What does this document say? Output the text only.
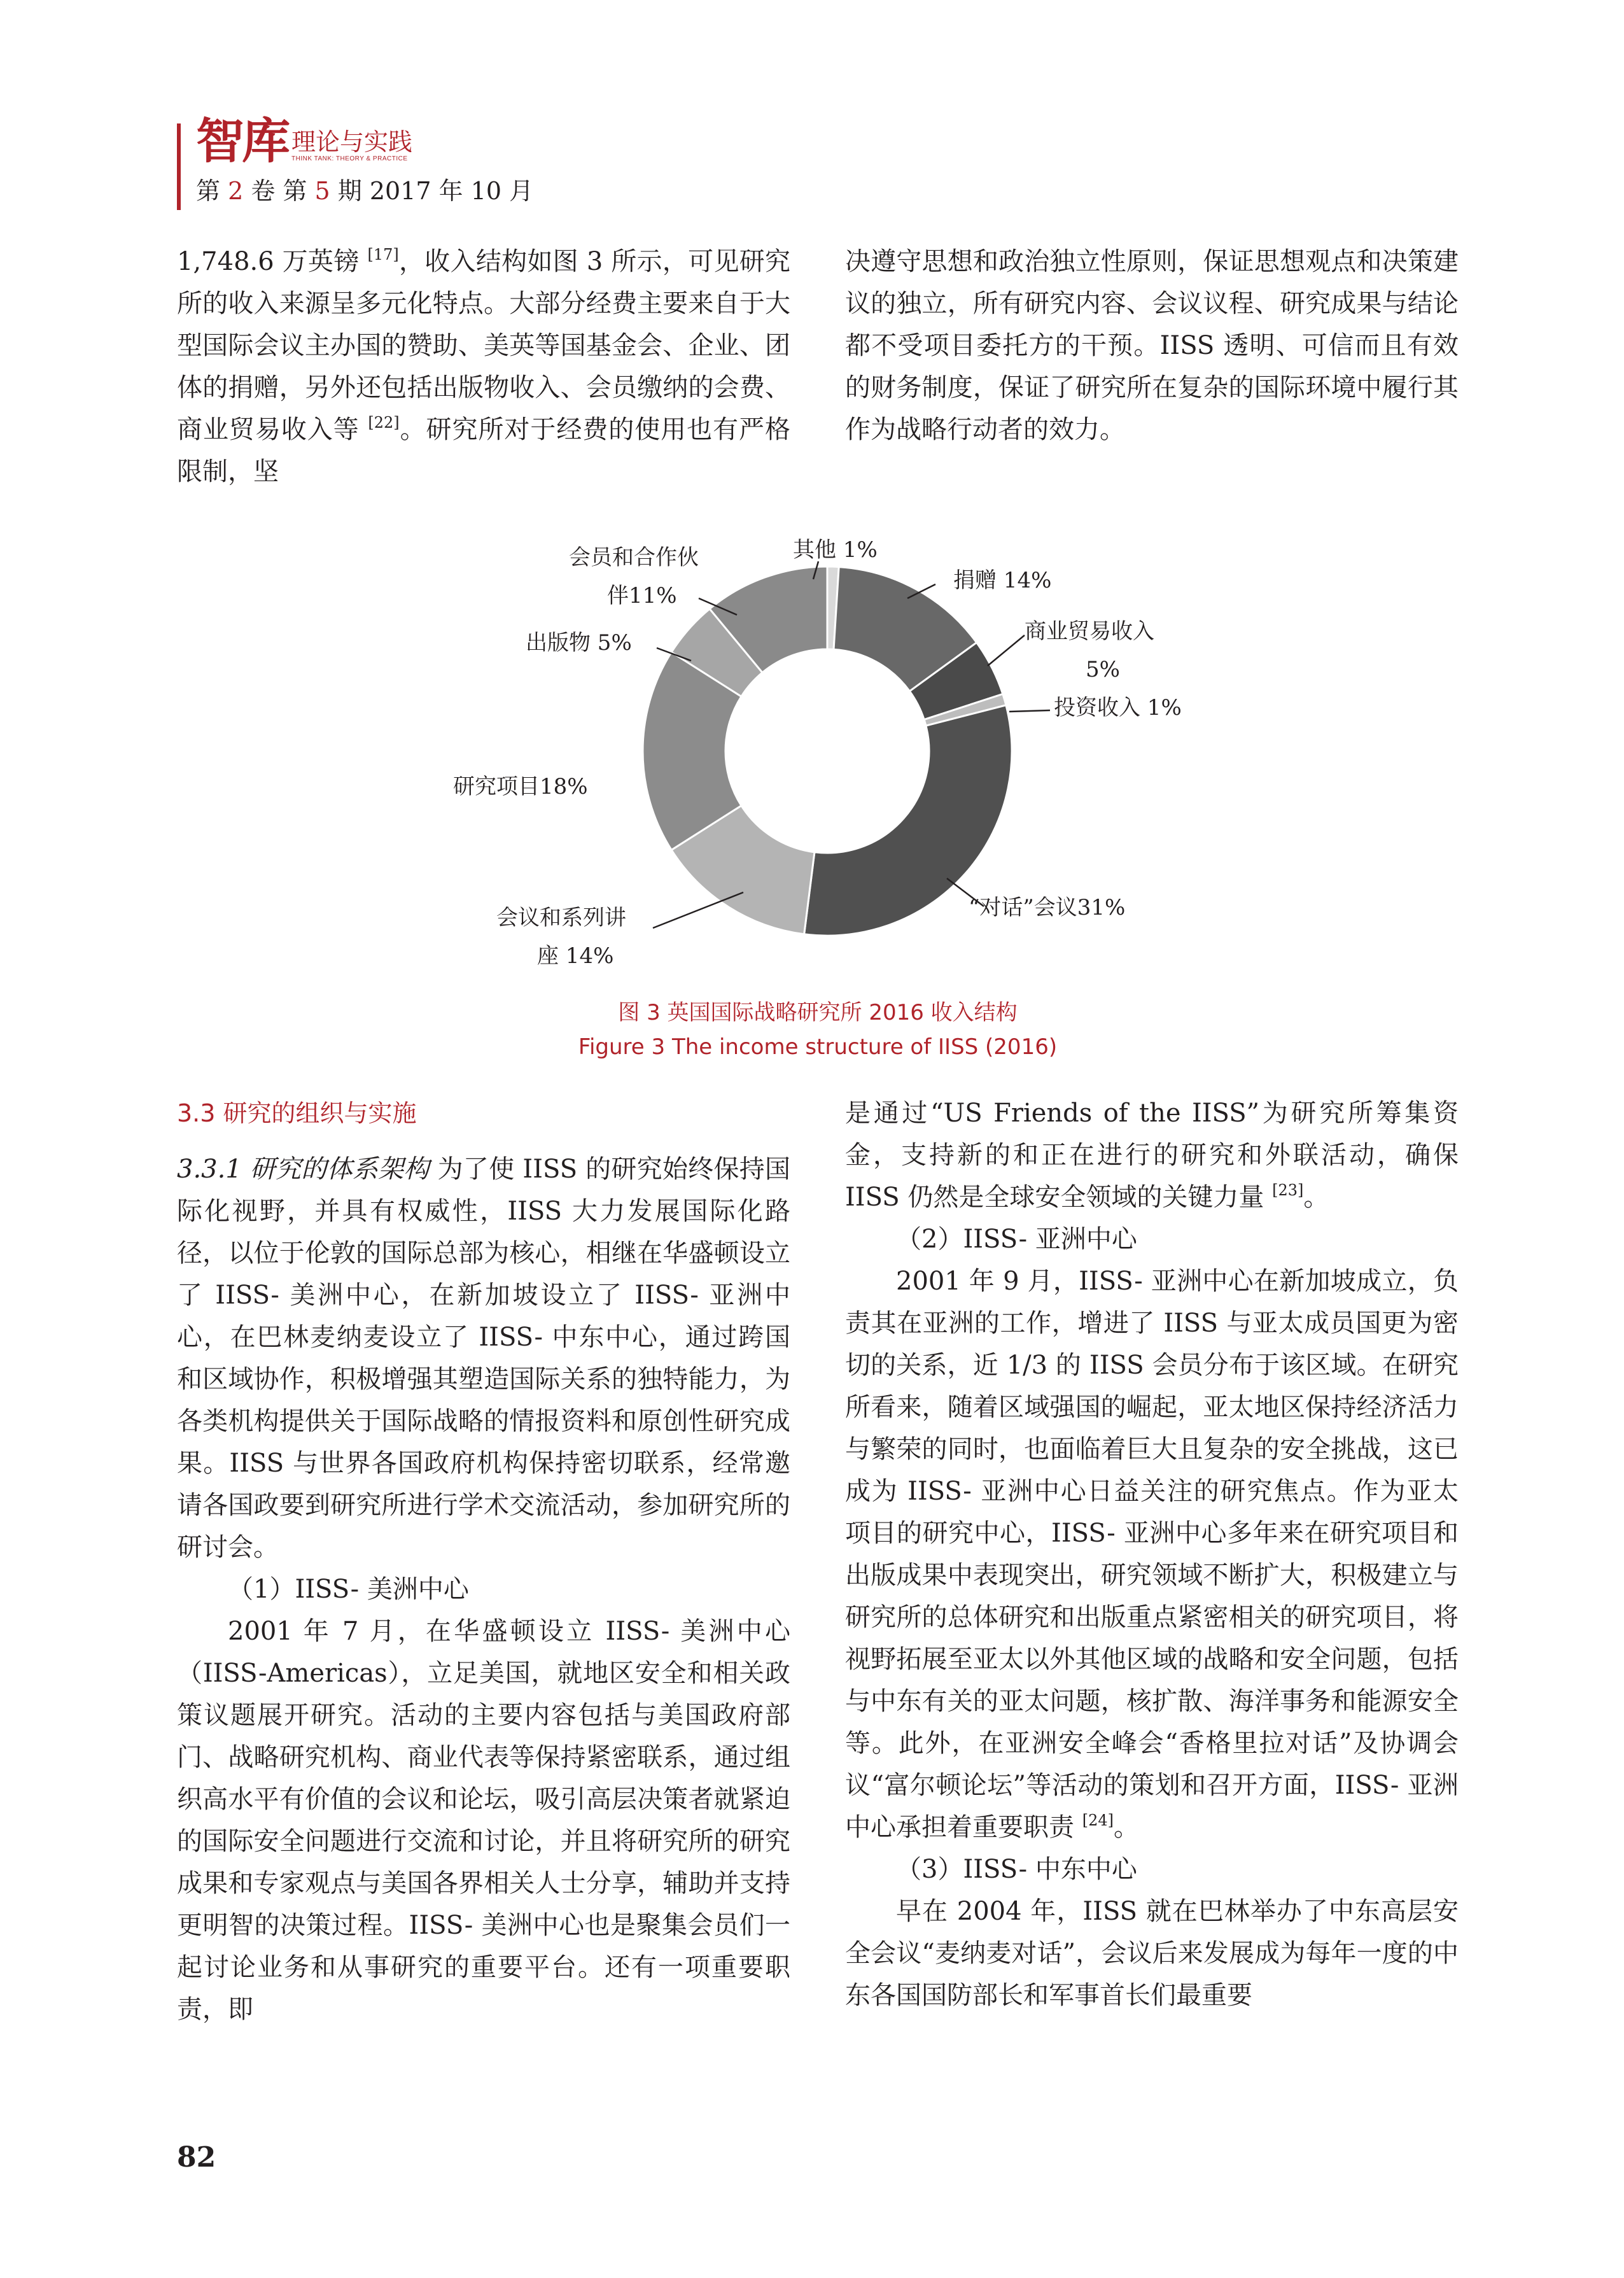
智库 理论与实践
THINK TANK: THEORY & PRACTICE
第 2 卷 第 5 期 2017 年 10 月

1,748.6 万英镑 [17]，收入结构如图 3 所示，可见研究所的收入来源呈多元化特点。大部分经费主要来自于大型国际会议主办国的赞助、美英等国基金会、企业、团体的捐赠，另外还包括出版物收入、会员缴纳的会费、商业贸易收入等 [22]。研究所对于经费的使用也有严格限制，坚

决遵守思想和政治独立性原则，保证思想观点和决策建议的独立，所有研究内容、会议议程、研究成果与结论都不受项目委托方的干预。IISS 透明、可信而且有效的财务制度，保证了研究所在复杂的国际环境中履行其作为战略行动者的效力。

其他 1%
捐赠 14%
商业贸易收入
5%
投资收入 1%
“对话”会议31%
会议和系列讲
座 14%
研究项目18%
出版物 5%
会员和合作伙
伴11%
图 3 英国国际战略研究所 2016 收入结构
Figure 3 The income structure of IISS (2016)

3.3 研究的组织与实施

3.3.1 研究的体系架构 为了使 IISS 的研究始终保持国际化视野，并具有权威性，IISS 大力发展国际化路径，以位于伦敦的国际总部为核心，相继在华盛顿设立了 IISS- 美洲中心，在新加坡设立了 IISS- 亚洲中心，在巴林麦纳麦设立了 IISS- 中东中心，通过跨国和区域协作，积极增强其塑造国际关系的独特能力，为各类机构提供关于国际战略的情报资料和原创性研究成果。IISS 与世界各国政府机构保持密切联系，经常邀请各国政要到研究所进行学术交流活动，参加研究所的研讨会。

（1）IISS- 美洲中心

2001 年 7 月，在华盛顿设立 IISS- 美洲中心（IISS-Americas），立足美国，就地区安全和相关政策议题展开研究。活动的主要内容包括与美国政府部门、战略研究机构、商业代表等保持紧密联系，通过组织高水平有价值的会议和论坛，吸引高层决策者就紧迫的国际安全问题进行交流和讨论，并且将研究所的研究成果和专家观点与美国各界相关人士分享，辅助并支持更明智的决策过程。IISS- 美洲中心也是聚集会员们一起讨论业务和从事研究的重要平台。还有一项重要职责，即

是通过“US Friends of the IISS”为研究所筹集资金，支持新的和正在进行的研究和外联活动，确保 IISS 仍然是全球安全领域的关键力量 [23]。

（2）IISS- 亚洲中心

2001 年 9 月，IISS- 亚洲中心在新加坡成立，负责其在亚洲的工作，增进了 IISS 与亚太成员国更为密切的关系，近 1/3 的 IISS 会员分布于该区域。在研究所看来，随着区域强国的崛起，亚太地区保持经济活力与繁荣的同时，也面临着巨大且复杂的安全挑战，这已成为 IISS- 亚洲中心日益关注的研究焦点。作为亚太项目的研究中心，IISS- 亚洲中心多年来在研究项目和出版成果中表现突出，研究领域不断扩大，积极建立与研究所的总体研究和出版重点紧密相关的研究项目，将视野拓展至亚太以外其他区域的战略和安全问题，包括与中东有关的亚太问题，核扩散、海洋事务和能源安全等。此外，在亚洲安全峰会“香格里拉对话”及协调会议“富尔顿论坛”等活动的策划和召开方面，IISS- 亚洲中心承担着重要职责 [24]。

（3）IISS- 中东中心

早在 2004 年，IISS 就在巴林举办了中东高层安全会议“麦纳麦对话”，会议后来发展成为每年一度的中东各国国防部长和军事首长们最重要

82
